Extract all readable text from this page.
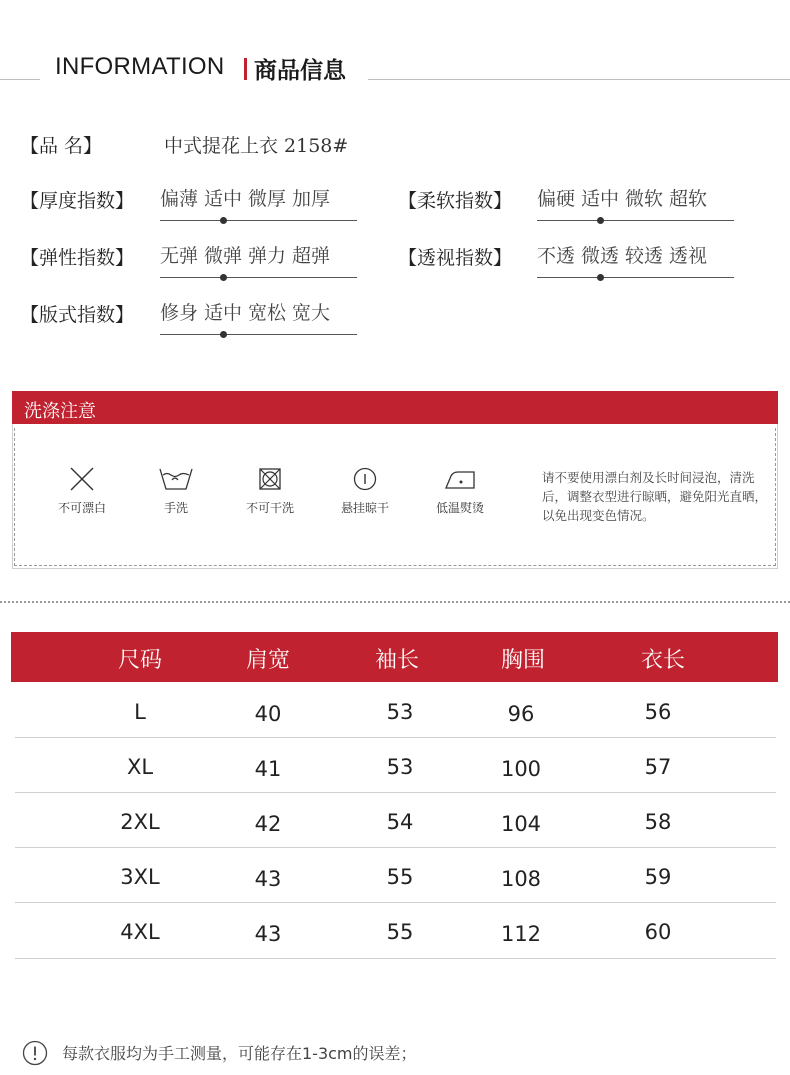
INFORMATION 商品信息
【品 名】	中式提花上衣 2158#
【厚度指数】 偏薄 适中 微厚 加厚	【柔软指数】 偏硬 适中 微软 超软
【弹性指数】 无弹 微弹 弹力 超弹	【透视指数】 不透 微透 较透 透视
【版式指数】 修身 适中 宽松 宽大
洗涤注意
不可漂白	手洗	不可干洗	悬挂晾干	低温熨烫
请不要使用漂白剂及长时间浸泡，清洗后，调整衣型进行晾晒，避免阳光直晒，以免出现变色情况。
尺码	肩宽	袖长	胸围	衣长
L	40	53	96	56
XL	41	53	100	57
2XL	42	54	104	58
3XL	43	55	108	59
4XL	43	55	112	60
每款衣服均为手工测量，可能存在1-3cm的误差；
